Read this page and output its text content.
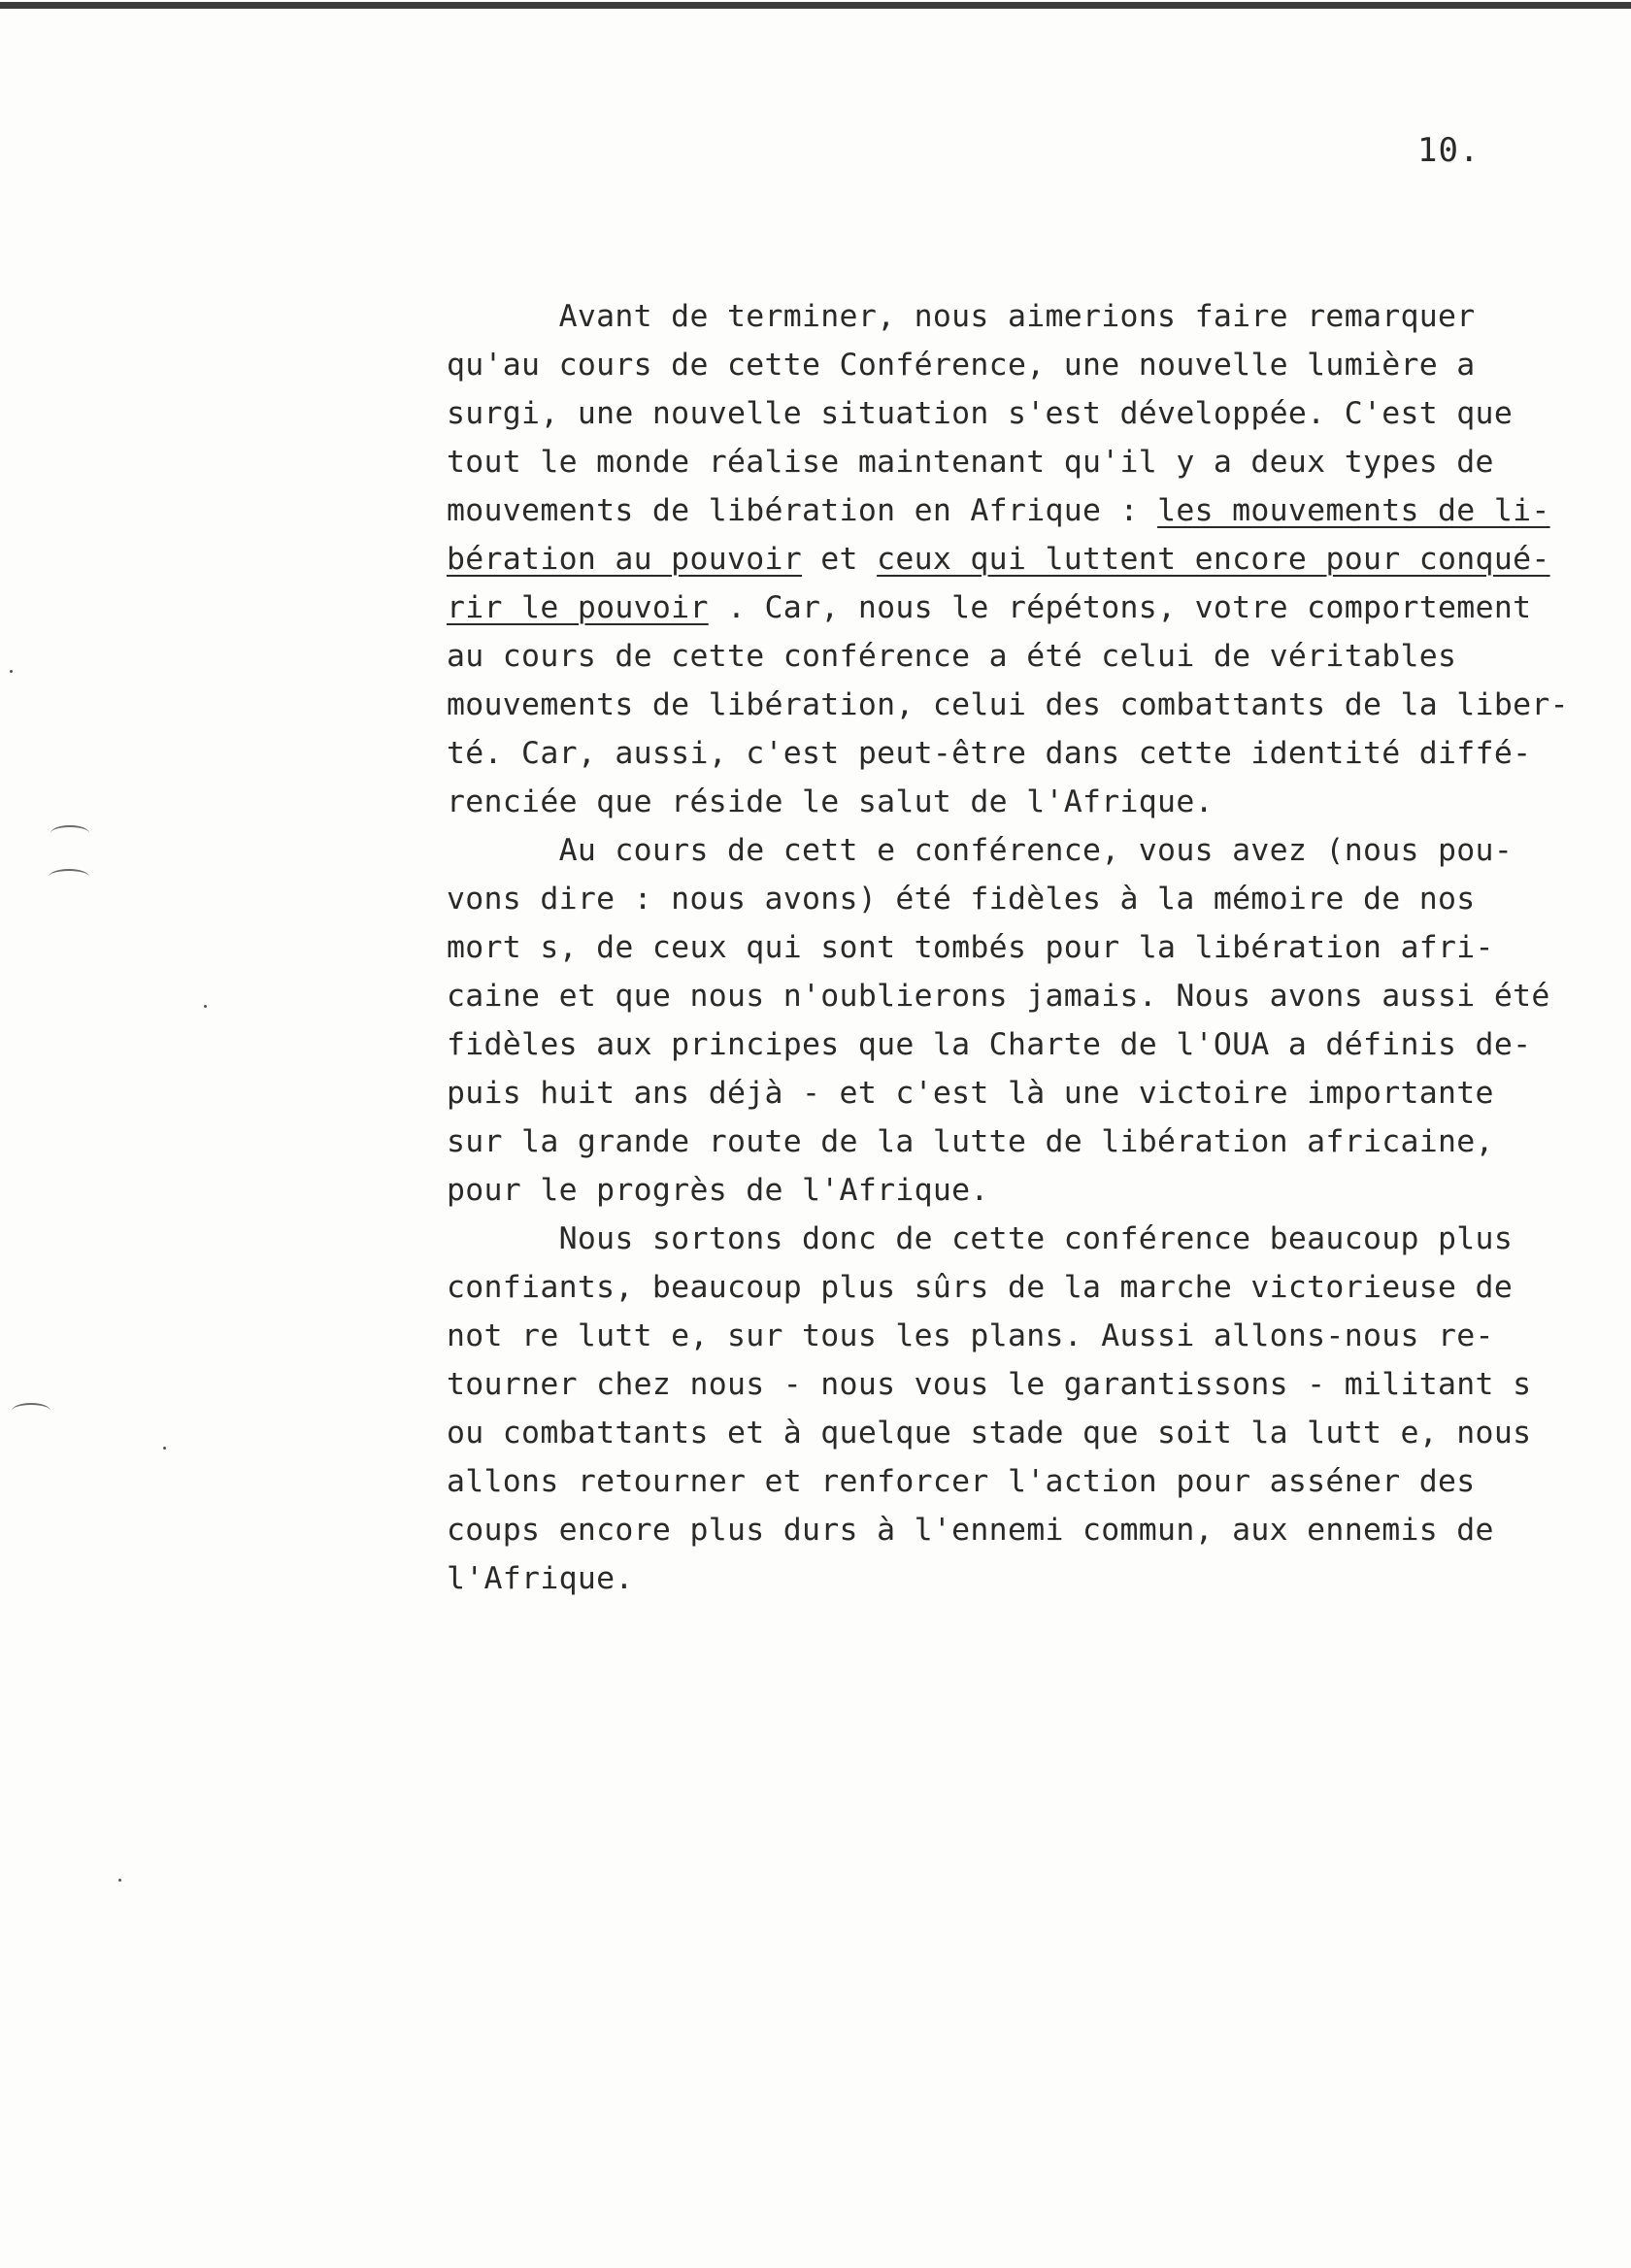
10.
Avant de terminer, nous aimerions faire remarquer
qu'au cours de cette Conférence, une nouvelle lumière a
surgi, une nouvelle situation s'est développée. C'est que
tout le monde réalise maintenant qu'il y a deux types de
mouvements de libération en Afrique : les mouvements de li-
bération au pouvoir et ceux qui luttent encore pour conqué-
rir le pouvoir . Car, nous le répétons, votre comportement
au cours de cette conférence a été celui de véritables
mouvements de libération, celui des combattants de la liber-
té. Car, aussi, c'est peut-être dans cette identité diffé-
renciée que réside le salut de l'Afrique.
Au cours de cett e conférence, vous avez (nous pou-
vons dire : nous avons) été fidèles à la mémoire de nos
mort s, de ceux qui sont tombés pour la libération afri-
caine et que nous n'oublierons jamais. Nous avons aussi été
fidèles aux principes que la Charte de l'OUA a définis de-
puis huit ans déjà - et c'est là une victoire importante
sur la grande route de la lutte de libération africaine,
pour le progrès de l'Afrique.
Nous sortons donc de cette conférence beaucoup plus
confiants, beaucoup plus sûrs de la marche victorieuse de
not re lutt e, sur tous les plans. Aussi allons-nous re-
tourner chez nous - nous vous le garantissons - militant s
ou combattants et à quelque stade que soit la lutt e, nous
allons retourner et renforcer l'action pour asséner des
coups encore plus durs à l'ennemi commun, aux ennemis de
l'Afrique.
